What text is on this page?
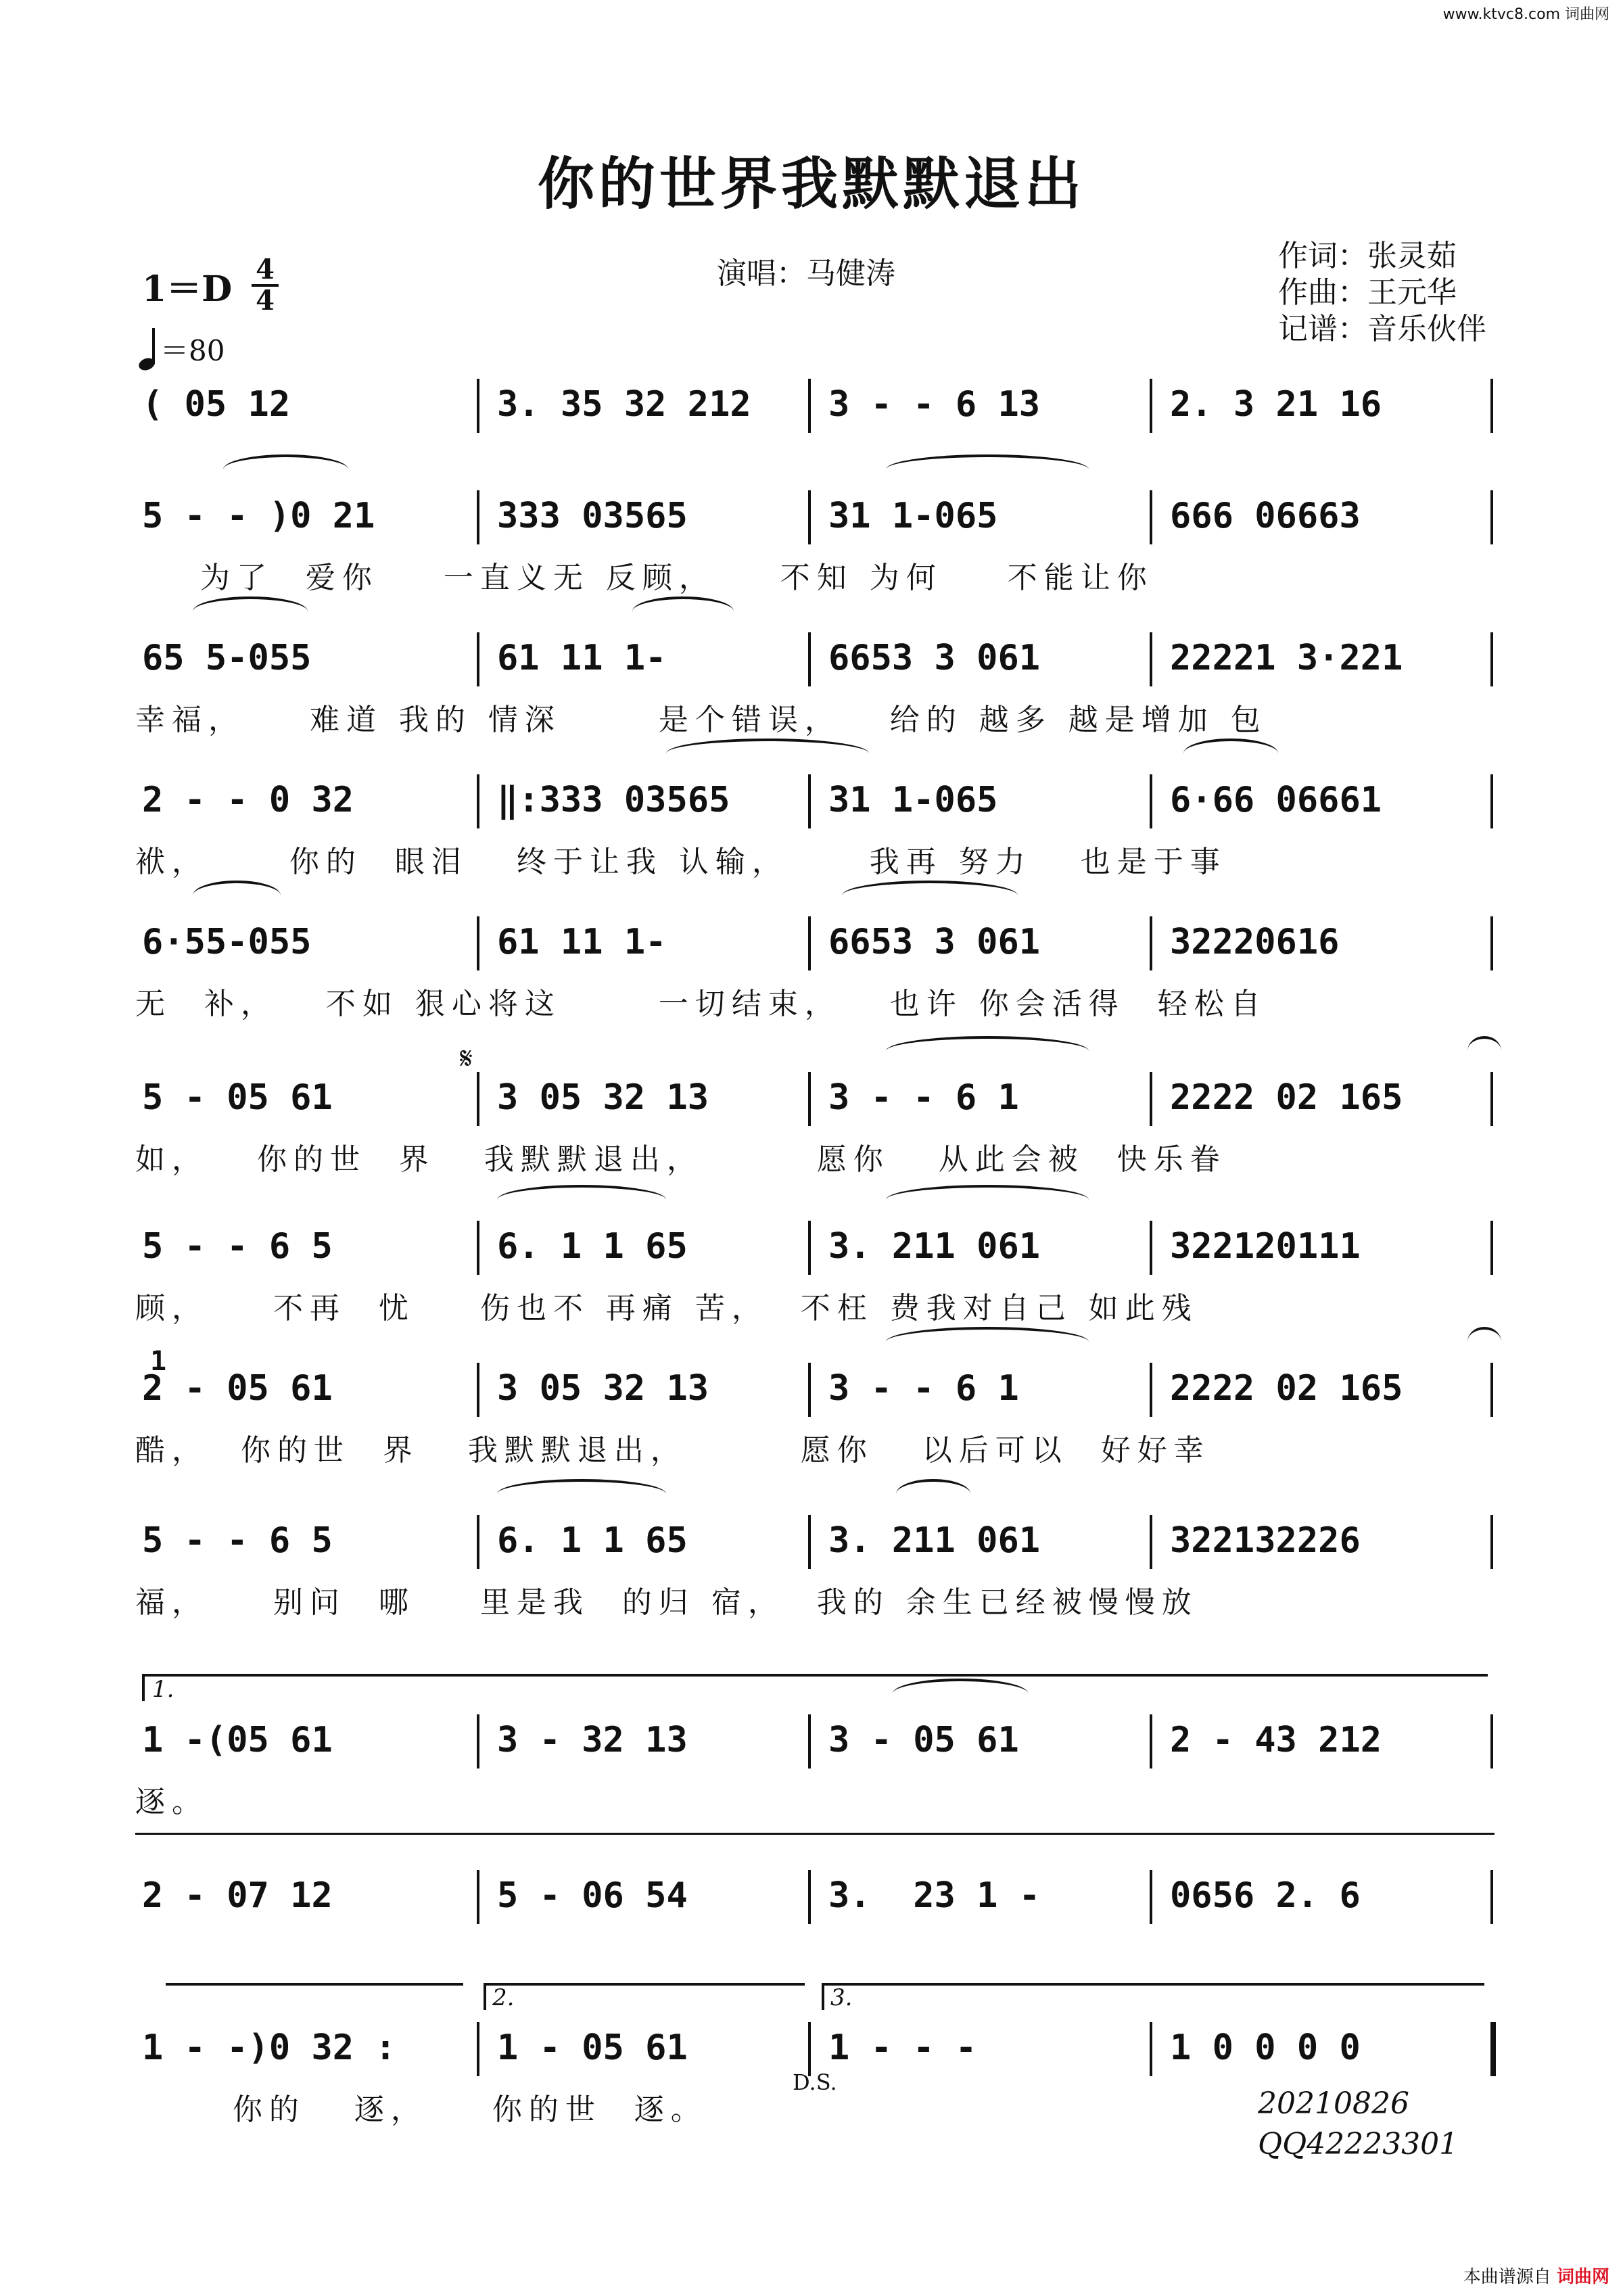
www.ktvc8.com 词曲网
你的世界我默默退出
演唱：马健涛
作词：张灵茹
作曲：王元华
记谱：音乐伙伴
1＝D 4
4
＝80
( 05 12	3. 35 32 212 3 - - 6 13	2. 3 21 16
5 - - )0 21	333 03565	31 1-065	666 06663
为了  爱你    一直义无 反顾，    不知 为何    不能让你
65 5-055	61 11 1-	6653 3 061	22221 3·221
幸福，    难道 我的 情深      是个错误，   给的 越多 越是增加 包
2 - - 0 32	‖:333 03565	31 1-065	6·66 06661
袱，     你的  眼泪   终于让我 认输，     我再 努力   也是于事
6·55-055	61 11 1-	6653 3 061	32220616
无  补，   不如 狠心将这      一切结束，   也许 你会活得  轻松自
5 - 05 61	3 05 32 13	3 - - 6 1	2222 02 165
如，   你的世  界   我默默退出，       愿你   从此会被  快乐眷
5 - - 6 5	6. 1 1 65	3. 211 061	322120111
顾，    不再  忧    伤也不 再痛 苦，  不枉 费我对自己 如此残
2 - 05 61	3 05 32 13	3 - - 6 1	2222 02 165
酷，  你的世  界   我默默退出，       愿你   以后可以  好好幸
5 - - 6 5	6. 1 1 65	3. 211 061	322132226
福，    别问  哪    里是我  的归 宿，  我的 余生已经被慢慢放
1 -(05 61	3 - 32 13	3 - 05 61	2 - 43 212
逐。
2 - 07 12	5 - 06 54	3.  23 1 -	0656 2. 6
1 - -)0 32 :	1 - 05 61	1 - - -	1 0 0 0 0
你的   逐，    你的世  逐。
𝄋
1
1.
2.	3.
D.S.
20210826
QQ42223301
本曲谱源自 词曲网
